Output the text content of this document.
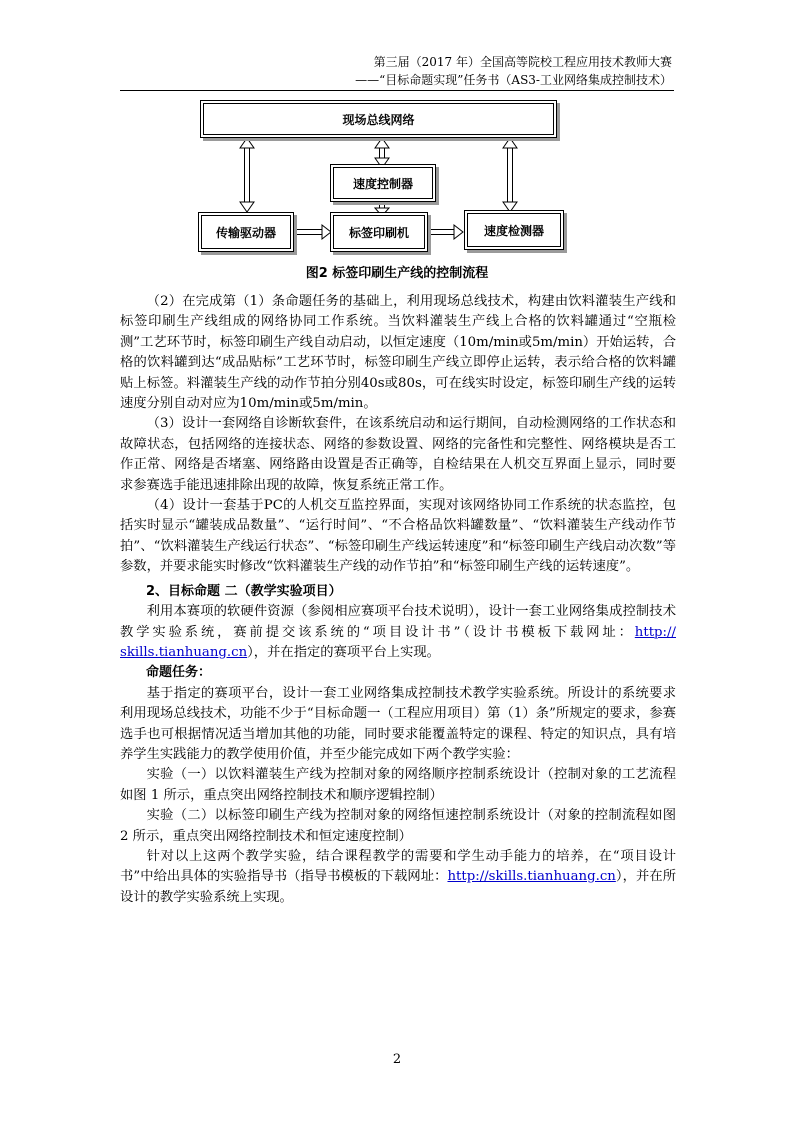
第三届（2017 年）全国高等院校工程应用技术教师大赛
——“目标命题实现”任务书（AS3-工业网络集成控制技术）
现场总线网络
速度控制器
传输驱动器	标签印刷机	速度检测器
图2 标签印刷生产线的控制流程

（2）在完成第（1）条命题任务的基础上，利用现场总线技术，构建由饮料灌装生产线和标签印刷生产线组成的网络协同工作系统。当饮料灌装生产线上合格的饮料罐通过“空瓶检测”工艺环节时，标签印刷生产线自动启动，以恒定速度（10m/min或5m/min）开始运转，合格的饮料罐到达“成品贴标”工艺环节时，标签印刷生产线立即停止运转，表示给合格的饮料罐贴上标签。料灌装生产线的动作节拍分别40s或80s，可在线实时设定，标签印刷生产线的运转速度分别自动对应为10m/min或5m/min。

（3）设计一套网络自诊断软套件，在该系统启动和运行期间，自动检测网络的工作状态和故障状态，包括网络的连接状态、网络的参数设置、网络的完备性和完整性、网络模块是否工作正常、网络是否堵塞、网络路由设置是否正确等，自检结果在人机交互界面上显示，同时要求参赛选手能迅速排除出现的故障，恢复系统正常工作。

（4）设计一套基于PC的人机交互监控界面，实现对该网络协同工作系统的状态监控，包括实时显示“罐装成品数量”、“运行时间”、“不合格品饮料罐数量”、“饮料灌装生产线动作节拍”、“饮料灌装生产线运行状态”、“标签印刷生产线运转速度”和“标签印刷生产线启动次数”等参数，并要求能实时修改“饮料灌装生产线的动作节拍”和“标签印刷生产线的运转速度”。

2、目标命题 二（教学实验项目）

利用本赛项的软硬件资源（参阅相应赛项平台技术说明），设计一套工业网络集成控制技术教学实验系统，赛前提交该系统的“项目设计书”（设计书模板下载网址：http:// skills.tianhuang.cn），并在指定的赛项平台上实现。

命题任务：

基于指定的赛项平台，设计一套工业网络集成控制技术教学实验系统。所设计的系统要求利用现场总线技术，功能不少于“目标命题一（工程应用项目）第（1）条”所规定的要求，参赛选手也可根据情况适当增加其他的功能，同时要求能覆盖特定的课程、特定的知识点，具有培养学生实践能力的教学使用价值，并至少能完成如下两个教学实验：

实验（一）以饮料灌装生产线为控制对象的网络顺序控制系统设计（控制对象的工艺流程如图 1 所示，重点突出网络控制技术和顺序逻辑控制）

实验（二）以标签印刷生产线为控制对象的网络恒速控制系统设计（对象的控制流程如图 2 所示，重点突出网络控制技术和恒定速度控制）

针对以上这两个教学实验，结合课程教学的需要和学生动手能力的培养，在“项目设计书”中给出具体的实验指导书（指导书模板的下载网址：http://skills.tianhuang.cn），并在所设计的教学实验系统上实现。

2
